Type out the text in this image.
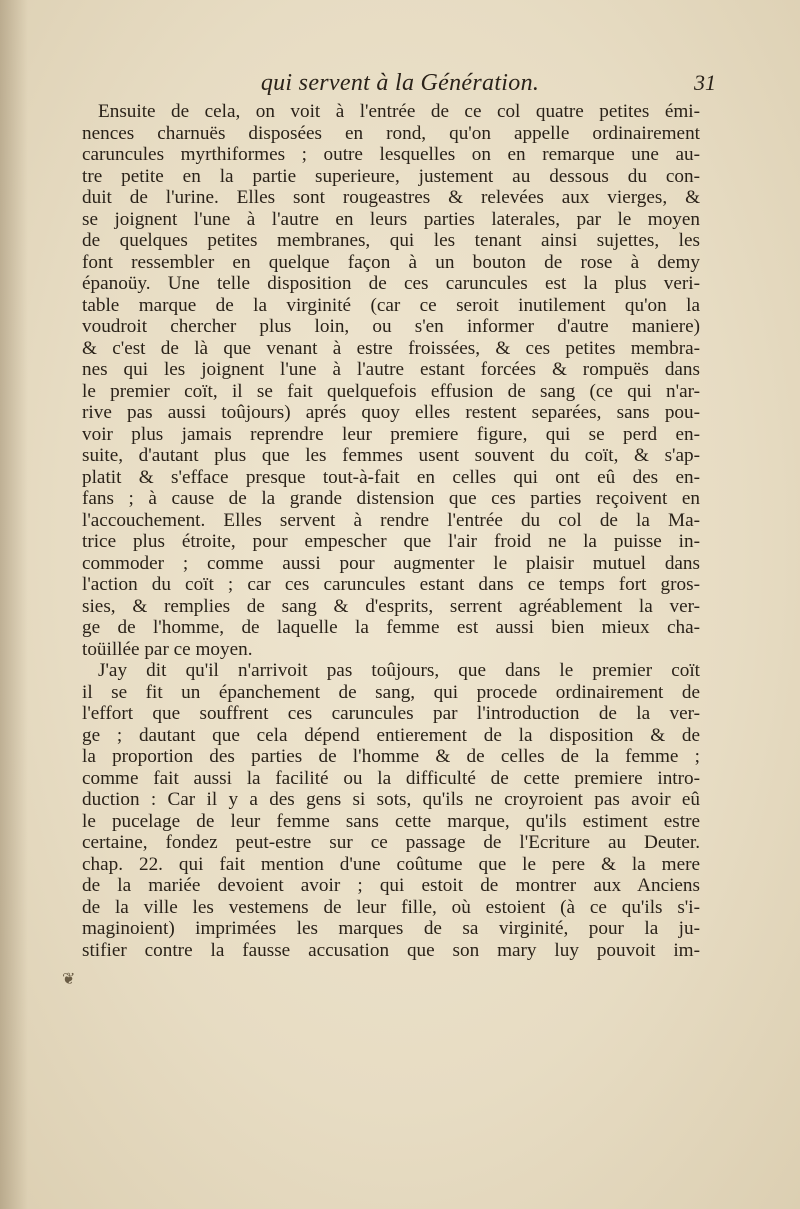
qui servent à la Génération.	31
Ensuite de cela, on voit à l'entrée de ce col quatre petites émi-
nences charnuës disposées en rond, qu'on appelle ordinairement
caruncules myrthiformes ; outre lesquelles on en remarque une au-
tre petite en la partie superieure, justement au dessous du con-
duit de l'urine. Elles sont rougeastres & relevées aux vierges, &
se joignent l'une à l'autre en leurs parties laterales, par le moyen
de quelques petites membranes, qui les tenant ainsi sujettes, les
font ressembler en quelque façon à un bouton de rose à demy
épanoüy. Une telle disposition de ces caruncules est la plus veri-
table marque de la virginité (car ce seroit inutilement qu'on la
voudroit chercher plus loin, ou s'en informer d'autre maniere)
& c'est de là que venant à estre froissées, & ces petites membra-
nes qui les joignent l'une à l'autre estant forcées & rompuës dans
le premier coït, il se fait quelquefois effusion de sang (ce qui n'ar-
rive pas aussi toûjours) aprés quoy elles restent separées, sans pou-
voir plus jamais reprendre leur premiere figure, qui se perd en-
suite, d'autant plus que les femmes usent souvent du coït, & s'ap-
platit & s'efface presque tout-à-fait en celles qui ont eû des en-
fans ; à cause de la grande distension que ces parties reçoivent en
l'accouchement. Elles servent à rendre l'entrée du col de la Ma-
trice plus étroite, pour empescher que l'air froid ne la puisse in-
commoder ; comme aussi pour augmenter le plaisir mutuel dans
l'action du coït ; car ces caruncules estant dans ce temps fort gros-
sies, & remplies de sang & d'esprits, serrent agréablement la ver-
ge de l'homme, de laquelle la femme est aussi bien mieux cha-
toüillée par ce moyen.
J'ay dit qu'il n'arrivoit pas toûjours, que dans le premier coït
il se fit un épanchement de sang, qui procede ordinairement de
l'effort que souffrent ces caruncules par l'introduction de la ver-
ge ; dautant que cela dépend entierement de la disposition & de
la proportion des parties de l'homme & de celles de la femme ;
comme fait aussi la facilité ou la difficulté de cette premiere intro-
duction : Car il y a des gens si sots, qu'ils ne croyroient pas avoir eû
le pucelage de leur femme sans cette marque, qu'ils estiment estre
certaine, fondez peut-estre sur ce passage de l'Ecriture au Deuter.
chap. 22. qui fait mention d'une coûtume que le pere & la mere
de la mariée devoient avoir ; qui estoit de montrer aux Anciens
de la ville les vestemens de leur fille, où estoient (à ce qu'ils s'i-
maginoient) imprimées les marques de sa virginité, pour la ju-
stifier contre la fausse accusation que son mary luy pouvoit im-
❦
